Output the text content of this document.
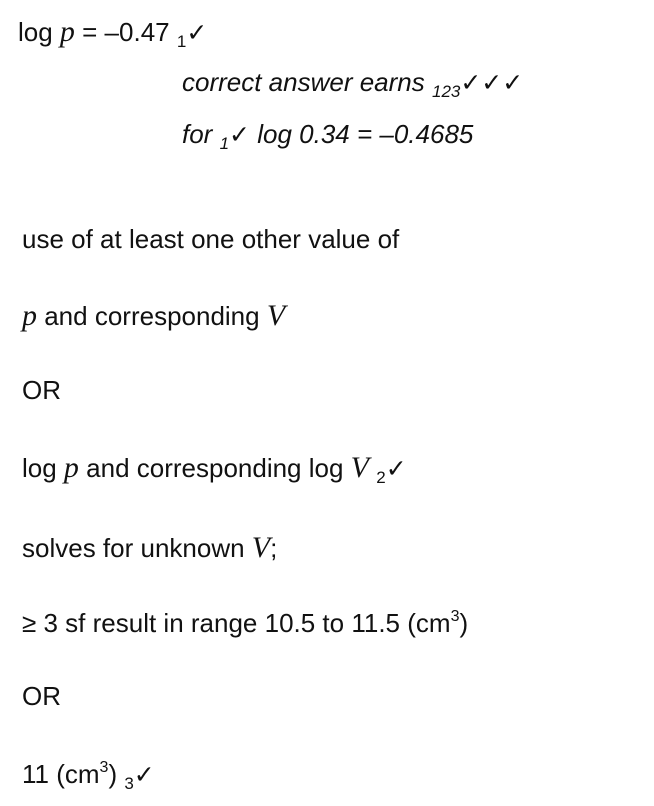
log p = –0.47 $_1$✓
correct answer earns $_{123}$✓✓✓
for $_1$✓ log 0.34 = –0.4685
use of at least one other value of
p and corresponding V
OR
log p and corresponding log V $_2$✓
solves for unknown V;
≥ 3 sf result in range 10.5 to 11.5 $(cm^3)$
OR
11 $(cm^3)$ $_3$✓
